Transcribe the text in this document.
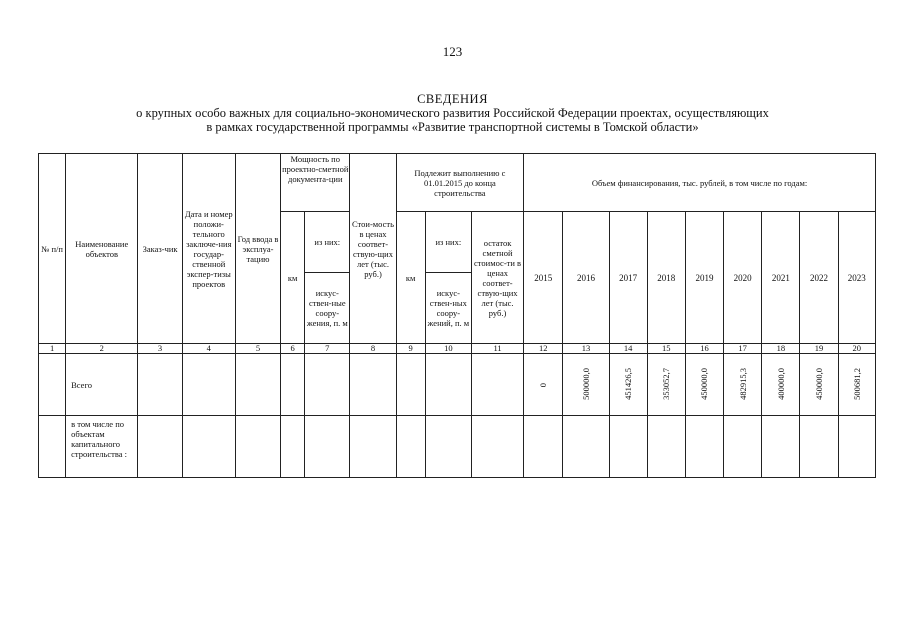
123
СВЕДЕНИЯ
о крупных особо важных для социально-экономического развития Российской Федерации проектах, осуществляющих
в рамках государственной программы «Развитие транспортной системы в Томской области»
№ п/п	Наименование объектов	Заказ-чик	Дата и номер положи-тельного заключе-ния государ-ственной экспер-тизы проектов	Год ввода в эксплуа-тацию	Мощность по проектно-сметной документа-ции		Стои-мость в ценах соответ-ствую-щих лет (тыс. руб.)	Подлежит выполнению с 01.01.2015 до конца строительства			Объем финансирования, тыс. рублей, в том числе по годам:								
					км	из них:		км	из них:	остаток сметной стоимос-ти в ценах соответ-ствую-щих лет (тыс. руб.)	2015	2016	2017	2018	2019	2020	2021	2022	2023
						искус-ствен-ные соору-жения, п. м			искус-ствен-ных соору-жений, п. м										
1	2	3	4	5	6	7	8	9	10	11	12	13	14	15	16	17	18	19	20
	Всего										0	500000,0	451426,5	353052,7	450000,0	482915,3	400000,0	450000,0	500681,2
	в том числе по объектам капитального строительства :																		
